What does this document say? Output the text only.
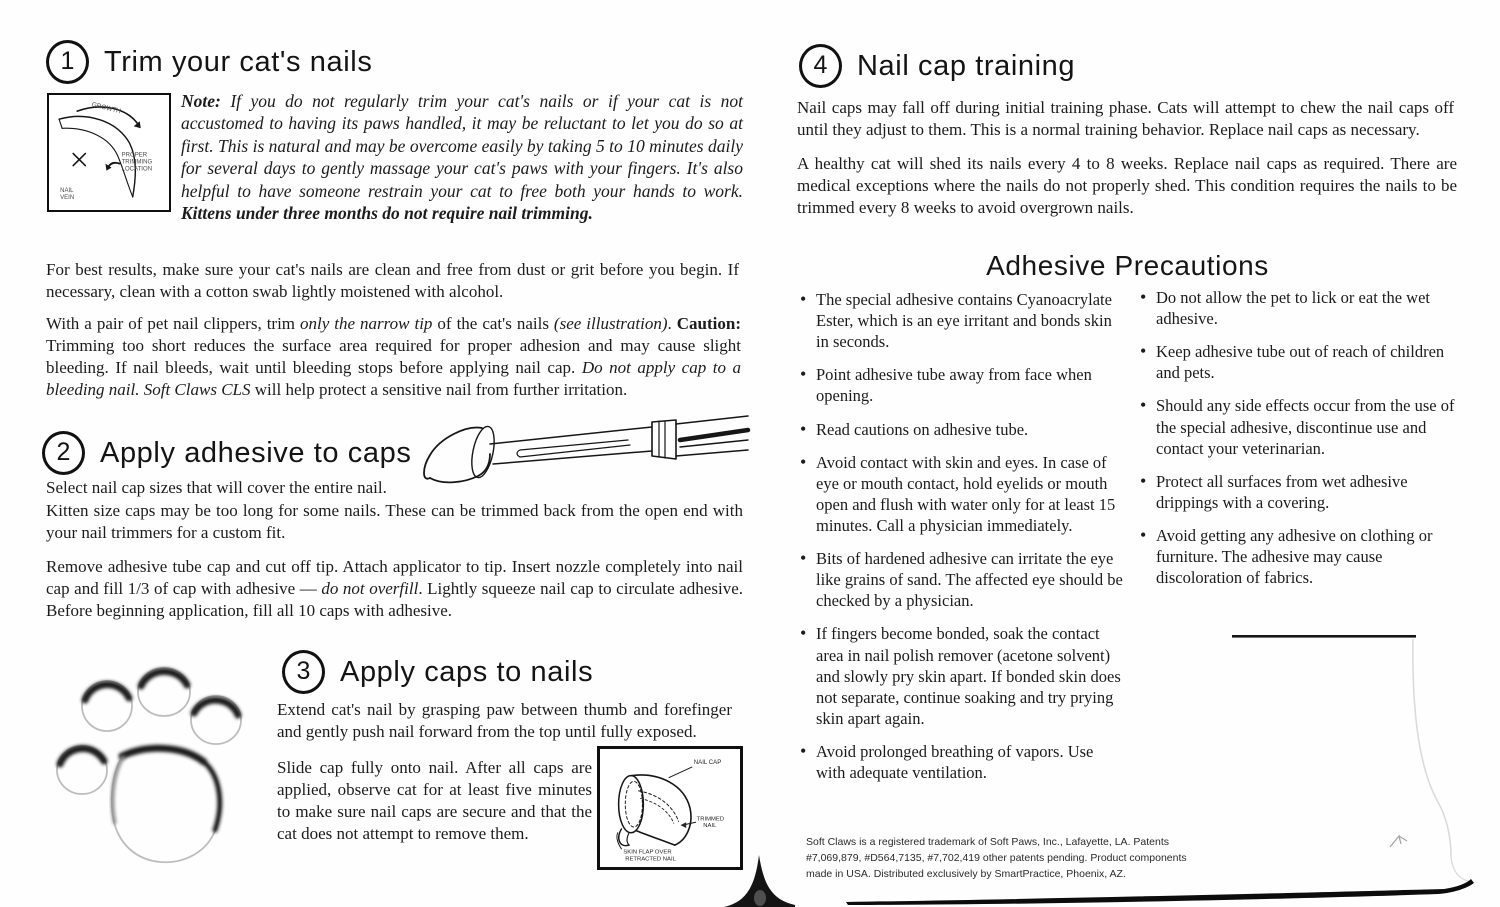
1	Trim your cat's nails
GROWTH
PROPER
TRIMMING
LOCATION
NAIL
VEIN

Note: If you do not regularly trim your cat's nails or if your cat is not accustomed to having its paws handled, it may be reluctant to let you do so at first. This is natural and may be overcome easily by taking 5 to 10 minutes daily for several days to gently massage your cat's paws with your fingers. It's also helpful to have someone restrain your cat to free both your hands to work. Kittens under three months do not require nail trimming.

For best results, make sure your cat's nails are clean and free from dust or grit before you begin. If necessary, clean with a cotton swab lightly moistened with alcohol.

With a pair of pet nail clippers, trim only the narrow tip of the cat's nails (see illustration). Caution: Trimming too short reduces the surface area required for proper adhesion and may cause slight bleeding. If nail bleeds, wait until bleeding stops before applying nail cap. Do not apply cap to a bleeding nail. Soft Claws CLS will help protect a sensitive nail from further irritation.

2	Apply adhesive to caps

Select nail cap sizes that will cover the entire nail.

Kitten size caps may be too long for some nails. These can be trimmed back from the open end with your nail trimmers for a custom fit.

Remove adhesive tube cap and cut off tip. Attach applicator to tip. Insert nozzle completely into nail cap and fill 1/3 of cap with adhesive — do not overfill. Lightly squeeze nail cap to circulate adhesive. Before beginning application, fill all 10 caps with adhesive.

3	Apply caps to nails

Extend cat's nail by grasping paw between thumb and forefinger and gently push nail forward from the top until fully exposed.

Slide cap fully onto nail. After all caps are applied, observe cat for at least five minutes to make sure nail caps are secure and that the cat does not attempt to remove them.

NAIL CAP
TRIMMED
NAIL
SKIN FLAP OVER
RETRACTED NAIL
4	Nail cap training

Nail caps may fall off during initial training phase. Cats will attempt to chew the nail caps off until they adjust to them. This is a normal training behavior. Replace nail caps as necessary.

A healthy cat will shed its nails every 4 to 8 weeks. Replace nail caps as required. There are medical exceptions where the nails do not properly shed. This condition requires the nails to be trimmed every 8 weeks to avoid overgrown nails.

Adhesive Precautions
• The special adhesive contains Cyanoacrylate Ester, which is an eye irritant and bonds skin in seconds.
• Point adhesive tube away from face when opening.
• Read cautions on adhesive tube.
• Avoid contact with skin and eyes. In case of eye or mouth contact, hold eyelids or mouth open and flush with water only for at least 15 minutes. Call a physician immediately.
• Bits of hardened adhesive can irritate the eye like grains of sand. The affected eye should be checked by a physician.
• If fingers become bonded, soak the contact area in nail polish remover (acetone solvent) and slowly pry skin apart. If bonded skin does not separate, continue soaking and try prying skin apart again.
• Avoid prolonged breathing of vapors. Use with adequate ventilation.
• Do not allow the pet to lick or eat the wet adhesive.
• Keep adhesive tube out of reach of children and pets.
• Should any side effects occur from the use of the special adhesive, discontinue use and contact your veterinarian.
• Protect all surfaces from wet adhesive drippings with a covering.
• Avoid getting any adhesive on clothing or furniture. The adhesive may cause discoloration of fabrics.

Soft Claws is a registered trademark of Soft Paws, Inc., Lafayette, LA. Patents #7,069,879, #D564,7135, #7,702,419 other patents pending. Product components made in USA. Distributed exclusively by SmartPractice, Phoenix, AZ.
